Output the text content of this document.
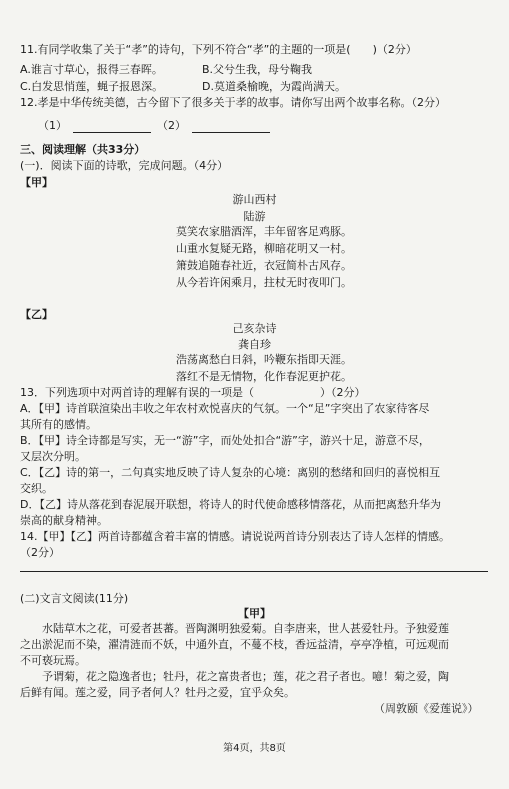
11.有同学收集了关于“孝”的诗句，下列不符合“孝”的主题的一项是(　　)（2分）
A.谁言寸草心，报得三春晖。	B.父兮生我，母兮鞠我
C.白发思悄莲，蝇子报恩深。	D.莫道桑榆晚，为霞尚满天。
12.孝是中华传统美德，古今留下了很多关于孝的故事。请你写出两个故事名称。（2分）
（1）	（2）
三、阅读理解（共33分）
(一)．阅读下面的诗歌，完成问题。（4分）
【甲】
游山西村
陆游
莫笑农家腊酒浑，丰年留客足鸡豚。
山重水复疑无路，柳暗花明又一村。
箫鼓追随春社近，衣冠简朴古风存。
从今若许闲乘月，拄杖无时夜叩门。
【乙】
己亥杂诗
龚自珍
浩荡离愁白日斜，吟鞭东指即天涯。
落红不是无情物，化作春泥更护花。
13．下列选项中对两首诗的理解有误的一项是（　　　　　　）（2分）
A．【甲】诗首联渲染出丰收之年农村欢悦喜庆的气氛。一个“足”字突出了农家待客尽
其所有的感情。
B．【甲】诗全诗都是写实，无一“游”字，而处处扣合“游”字，游兴十足，游意不尽，
又层次分明。
C．【乙】诗的第一，二句真实地反映了诗人复杂的心境：离别的愁绪和回归的喜悦相互
交织。
D．【乙】诗从落花到春泥展开联想，将诗人的时代使命感移情落花，从而把离愁升华为
崇高的献身精神。
14.【甲】【乙】两首诗都蕴含着丰富的情感。请说说两首诗分别表达了诗人怎样的情感。
（2分）
(二)文言文阅读(11分)
【甲】
水陆草木之花，可爱者甚蕃。晋陶渊明独爱菊。自李唐来，世人甚爱牡丹。予独爱莲
之出淤泥而不染，濯清涟而不妖，中通外直，不蔓不枝，香远益清，亭亭净植，可远观而
不可亵玩焉。
予谓菊，花之隐逸者也；牡丹，花之富贵者也；莲，花之君子者也。噫！菊之爱，陶
后鲜有闻。莲之爱，同予者何人？牡丹之爱，宜乎众矣。
（周敦颐《爱莲说》）
第4页，共8页
